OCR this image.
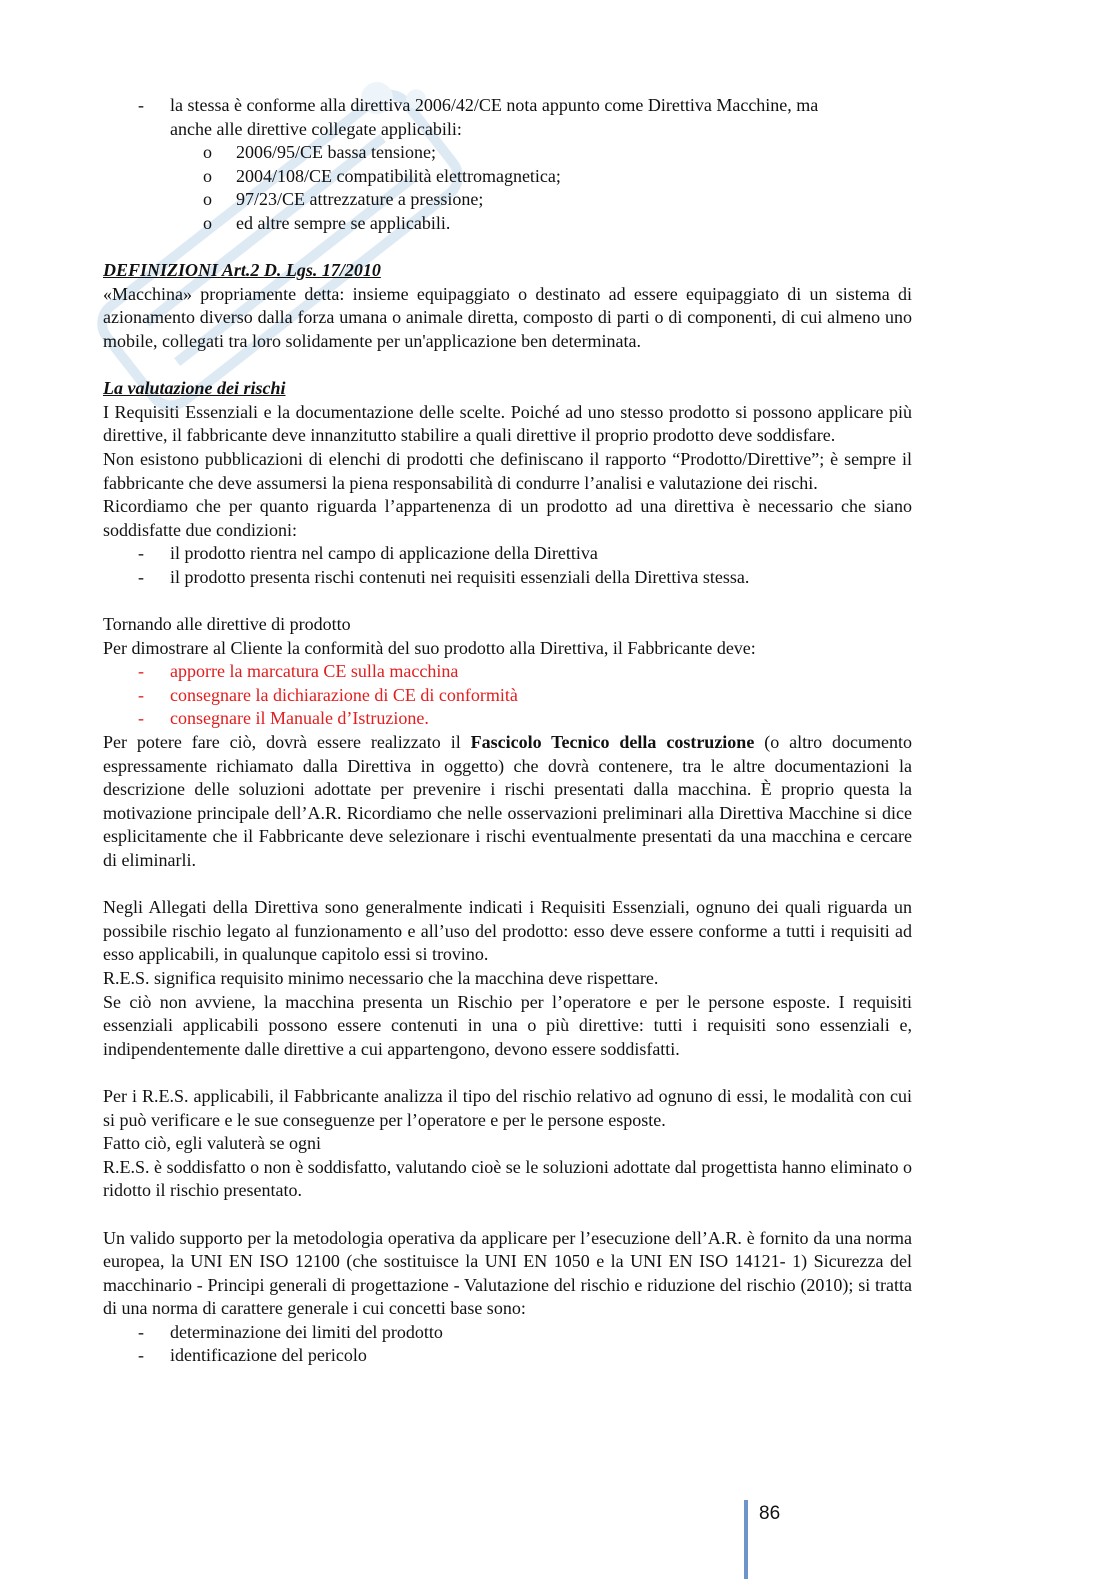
- la stessa è conforme alla direttiva 2006/42/CE nota appunto come Direttiva Macchine, ma
anche alle direttive collegate applicabili:

o 2006/95/CE bassa tensione;

o 2004/108/CE compatibilità elettromagnetica;

o 97/23/CE attrezzature a pressione;

o ed altre sempre se applicabili.

DEFINIZIONI Art.2 D. Lgs. 17/2010

«Macchina» propriamente detta: insieme equipaggiato o destinato ad essere equipaggiato di un sistema di azionamento diverso dalla forza umana o animale diretta, composto di parti o di componenti, di cui almeno uno mobile, collegati tra loro solidamente per un'applicazione ben determinata.

La valutazione dei rischi

I Requisiti Essenziali e la documentazione delle scelte. Poiché ad uno stesso prodotto si possono applicare più direttive, il fabbricante deve innanzitutto stabilire a quali direttive il proprio prodotto deve soddisfare.

Non esistono pubblicazioni di elenchi di prodotti che definiscano il rapporto “Prodotto/Direttive”; è sempre il fabbricante che deve assumersi la piena responsabilità di condurre l’analisi e valutazione dei rischi.

Ricordiamo che per quanto riguarda l’appartenenza di un prodotto ad una direttiva è necessario che siano soddisfatte due condizioni:

- il prodotto rientra nel campo di applicazione della Direttiva

- il prodotto presenta rischi contenuti nei requisiti essenziali della Direttiva stessa.

Tornando alle direttive di prodotto

Per dimostrare al Cliente la conformità del suo prodotto alla Direttiva, il Fabbricante deve:

- apporre la marcatura CE sulla macchina

- consegnare la dichiarazione di CE di conformità

- consegnare il Manuale d’Istruzione.

Per potere fare ciò, dovrà essere realizzato il Fascicolo Tecnico della costruzione (o altro documento espressamente richiamato dalla Direttiva in oggetto) che dovrà contenere, tra le altre documentazioni la descrizione delle soluzioni adottate per prevenire i rischi presentati dalla macchina. È proprio questa la motivazione principale dell’A.R. Ricordiamo che nelle osservazioni preliminari alla Direttiva Macchine si dice esplicitamente che il Fabbricante deve selezionare i rischi eventualmente presentati da una macchina e cercare di eliminarli.

Negli Allegati della Direttiva sono generalmente indicati i Requisiti Essenziali, ognuno dei quali riguarda un possibile rischio legato al funzionamento e all’uso del prodotto: esso deve essere conforme a tutti i requisiti ad esso applicabili, in qualunque capitolo essi si trovino.

R.E.S. significa requisito minimo necessario che la macchina deve rispettare.

Se ciò non avviene, la macchina presenta un Rischio per l’operatore e per le persone esposte. I requisiti essenziali applicabili possono essere contenuti in una o più direttive: tutti i requisiti sono essenziali e, indipendentemente dalle direttive a cui appartengono, devono essere soddisfatti.

Per i R.E.S. applicabili, il Fabbricante analizza il tipo del rischio relativo ad ognuno di essi, le modalità con cui si può verificare e le sue conseguenze per l’operatore e per le persone esposte.

Fatto ciò, egli valuterà se ogni

R.E.S. è soddisfatto o non è soddisfatto, valutando cioè se le soluzioni adottate dal progettista hanno eliminato o ridotto il rischio presentato.

Un valido supporto per la metodologia operativa da applicare per l’esecuzione dell’A.R. è fornito da una norma europea, la UNI EN ISO 12100 (che sostituisce la UNI EN 1050 e la UNI EN ISO 14121- 1) Sicurezza del macchinario - Principi generali di progettazione - Valutazione del rischio e riduzione del rischio (2010); si tratta di una norma di carattere generale i cui concetti base sono:

- determinazione dei limiti del prodotto

- identificazione del pericolo

86
